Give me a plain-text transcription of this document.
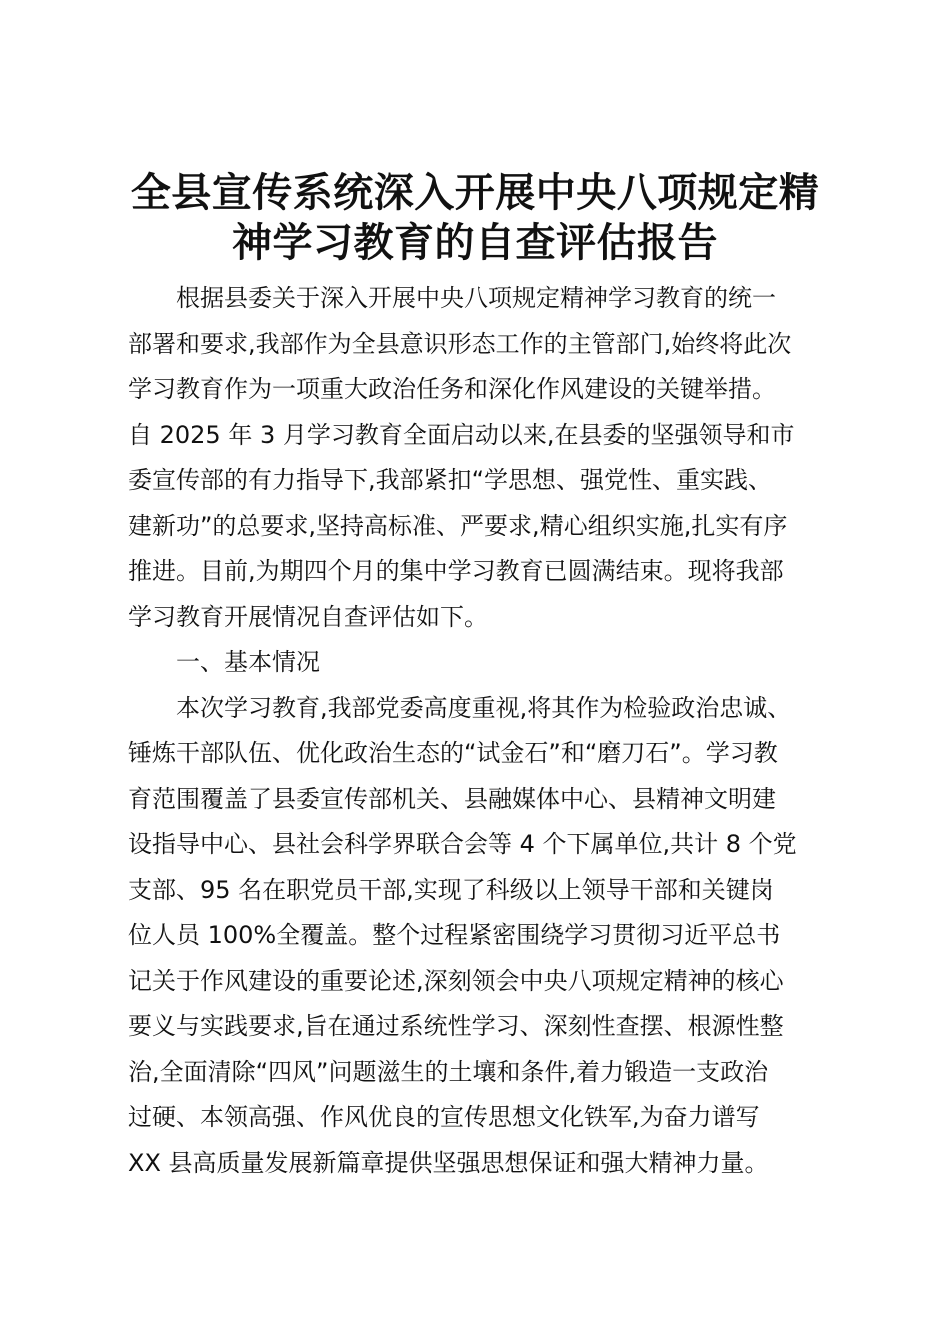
全县宣传系统深入开展中央八项规定精
神学习教育的自查评估报告
根据县委关于深入开展中央八项规定精神学习教育的统一
部署和要求,我部作为全县意识形态工作的主管部门,始终将此次
学习教育作为一项重大政治任务和深化作风建设的关键举措。
自 2025 年 3 月学习教育全面启动以来,在县委的坚强领导和市
委宣传部的有力指导下,我部紧扣“学思想、强党性、重实践、
建新功”的总要求,坚持高标准、严要求,精心组织实施,扎实有序
推进。目前,为期四个月的集中学习教育已圆满结束。现将我部
学习教育开展情况自查评估如下。
一、基本情况
本次学习教育,我部党委高度重视,将其作为检验政治忠诚、
锤炼干部队伍、优化政治生态的“试金石”和“磨刀石”。学习教
育范围覆盖了县委宣传部机关、县融媒体中心、县精神文明建
设指导中心、县社会科学界联合会等 4 个下属单位,共计 8 个党
支部、95 名在职党员干部,实现了科级以上领导干部和关键岗
位人员 100%全覆盖。整个过程紧密围绕学习贯彻习近平总书
记关于作风建设的重要论述,深刻领会中央八项规定精神的核心
要义与实践要求,旨在通过系统性学习、深刻性查摆、根源性整
治,全面清除“四风”问题滋生的土壤和条件,着力锻造一支政治
过硬、本领高强、作风优良的宣传思想文化铁军,为奋力谱写
XX 县高质量发展新篇章提供坚强思想保证和强大精神力量。
